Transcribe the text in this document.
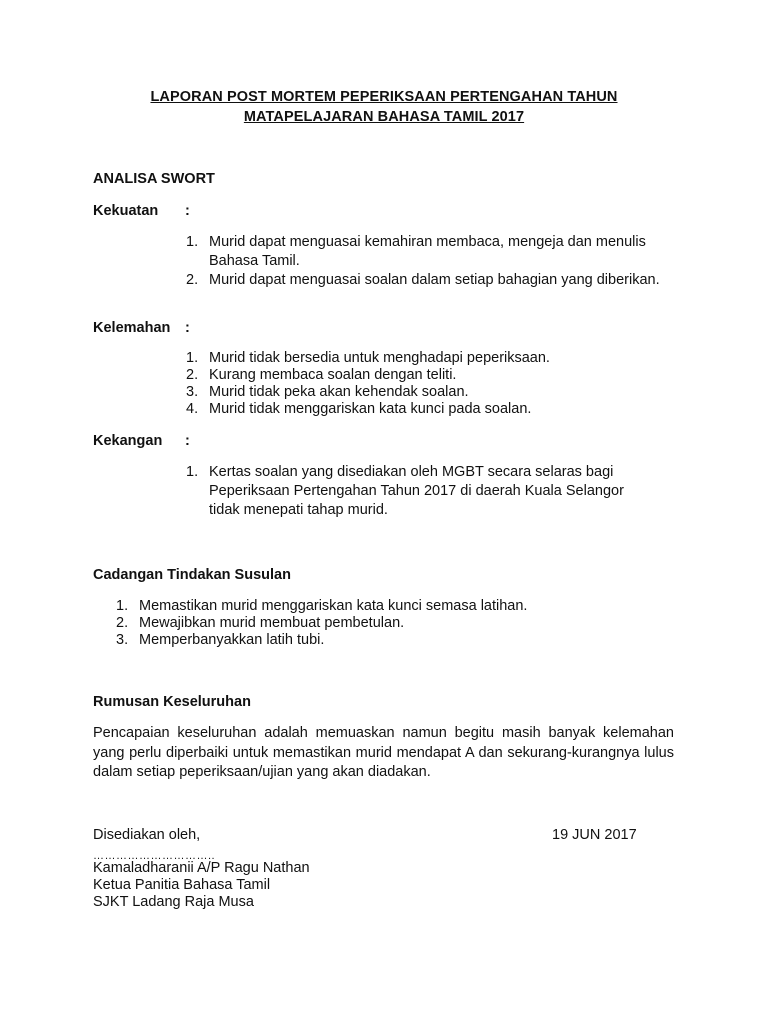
LAPORAN POST MORTEM PEPERIKSAAN PERTENGAHAN TAHUN
MATAPELAJARAN BAHASA TAMIL 2017
ANALISA SWORT
Kekuatan :
1. Murid dapat menguasai kemahiran membaca, mengeja dan menulis Bahasa Tamil.
2. Murid dapat menguasai soalan dalam setiap bahagian yang diberikan.
Kelemahan :
1. Murid tidak bersedia untuk menghadapi peperiksaan.
2. Kurang membaca soalan dengan teliti.
3. Murid tidak peka akan kehendak soalan.
4. Murid tidak menggariskan kata kunci pada soalan.
Kekangan :
1. Kertas soalan yang disediakan oleh MGBT secara selaras bagi Peperiksaan Pertengahan Tahun 2017 di daerah Kuala Selangor tidak menepati tahap murid.
Cadangan Tindakan Susulan
1. Memastikan murid menggariskan kata kunci semasa latihan.
2. Mewajibkan murid membuat pembetulan.
3. Memperbanyakkan latih tubi.
Rumusan Keseluruhan

Pencapaian keseluruhan adalah memuaskan namun begitu masih banyak kelemahan yang perlu diperbaiki untuk memastikan murid mendapat A dan sekurang-kurangnya lulus dalam setiap peperiksaan/ujian yang akan diadakan.

Disediakan oleh,	19 JUN 2017
…………………………..
Kamaladharanii A/P Ragu Nathan
Ketua Panitia Bahasa Tamil
SJKT Ladang Raja Musa
